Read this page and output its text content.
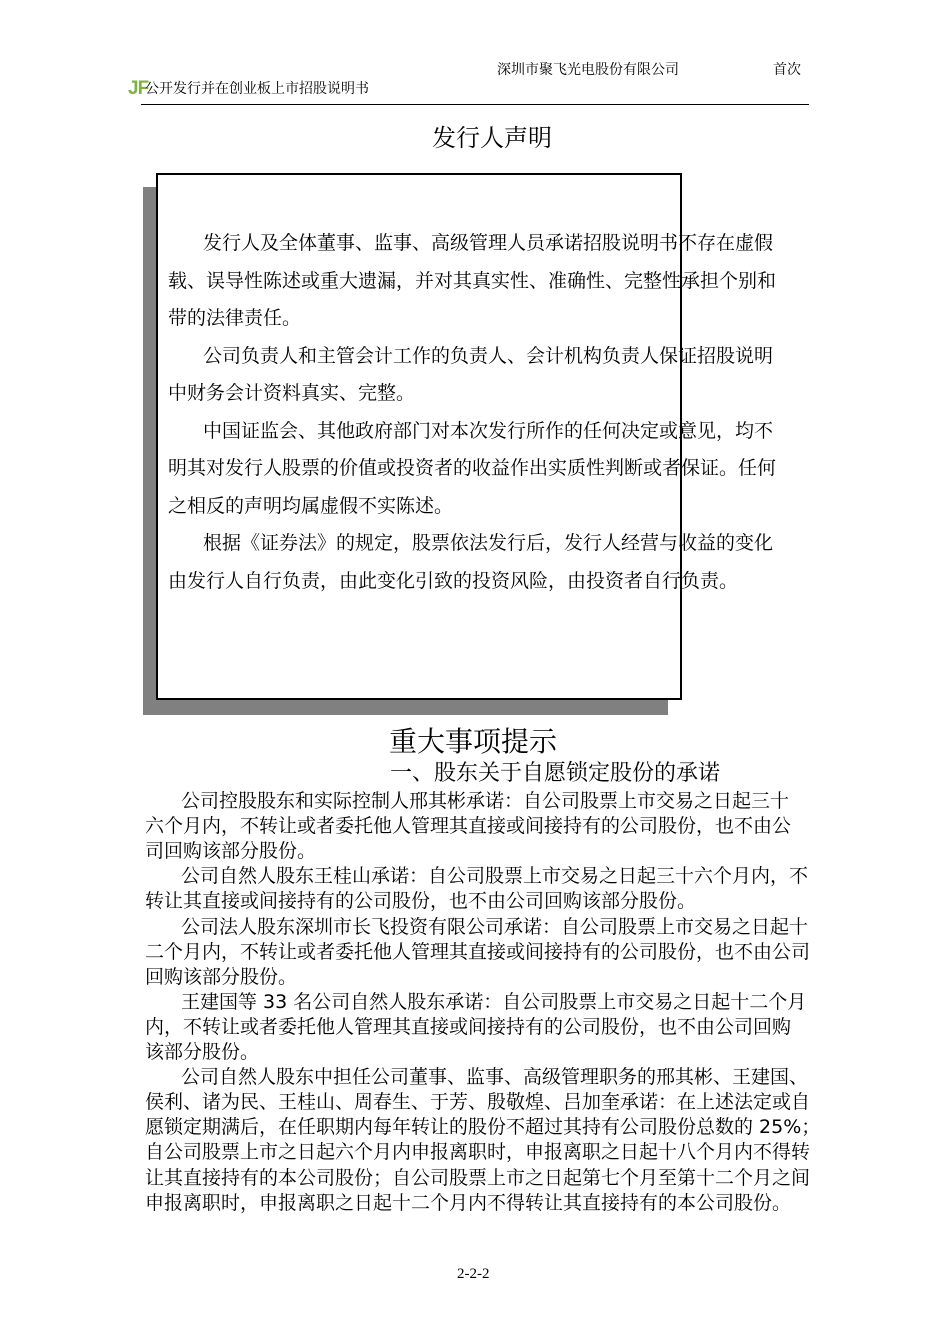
深圳市聚飞光电股份有限公司	首次
JF
公开发行并在创业板上市招股说明书
发行人声明
发行人及全体董事、监事、高级管理人员承诺招股说明书不存在虚假
载、误导性陈述或重大遗漏，并对其真实性、准确性、完整性承担个别和
带的法律责任。
公司负责人和主管会计工作的负责人、会计机构负责人保证招股说明
中财务会计资料真实、完整。
中国证监会、其他政府部门对本次发行所作的任何决定或意见，均不
明其对发行人股票的价值或投资者的收益作出实质性判断或者保证。任何
之相反的声明均属虚假不实陈述。
根据《证券法》的规定，股票依法发行后，发行人经营与收益的变化
由发行人自行负责，由此变化引致的投资风险，由投资者自行负责。
重大事项提示
一、股东关于自愿锁定股份的承诺
公司控股股东和实际控制人邢其彬承诺：自公司股票上市交易之日起三十
六个月内，不转让或者委托他人管理其直接或间接持有的公司股份，也不由公
司回购该部分股份。
公司自然人股东王桂山承诺：自公司股票上市交易之日起三十六个月内，不
转让其直接或间接持有的公司股份，也不由公司回购该部分股份。
公司法人股东深圳市长飞投资有限公司承诺：自公司股票上市交易之日起十
二个月内，不转让或者委托他人管理其直接或间接持有的公司股份，也不由公司
回购该部分股份。
王建国等 33 名公司自然人股东承诺：自公司股票上市交易之日起十二个月
内，不转让或者委托他人管理其直接或间接持有的公司股份，也不由公司回购
该部分股份。
公司自然人股东中担任公司董事、监事、高级管理职务的邢其彬、王建国、
侯利、诸为民、王桂山、周春生、于芳、殷敬煌、吕加奎承诺：在上述法定或自
愿锁定期满后，在任职期内每年转让的股份不超过其持有公司股份总数的 25%；
自公司股票上市之日起六个月内申报离职时，申报离职之日起十八个月内不得转
让其直接持有的本公司股份；自公司股票上市之日起第七个月至第十二个月之间
申报离职时，申报离职之日起十二个月内不得转让其直接持有的本公司股份。
2-2-2
